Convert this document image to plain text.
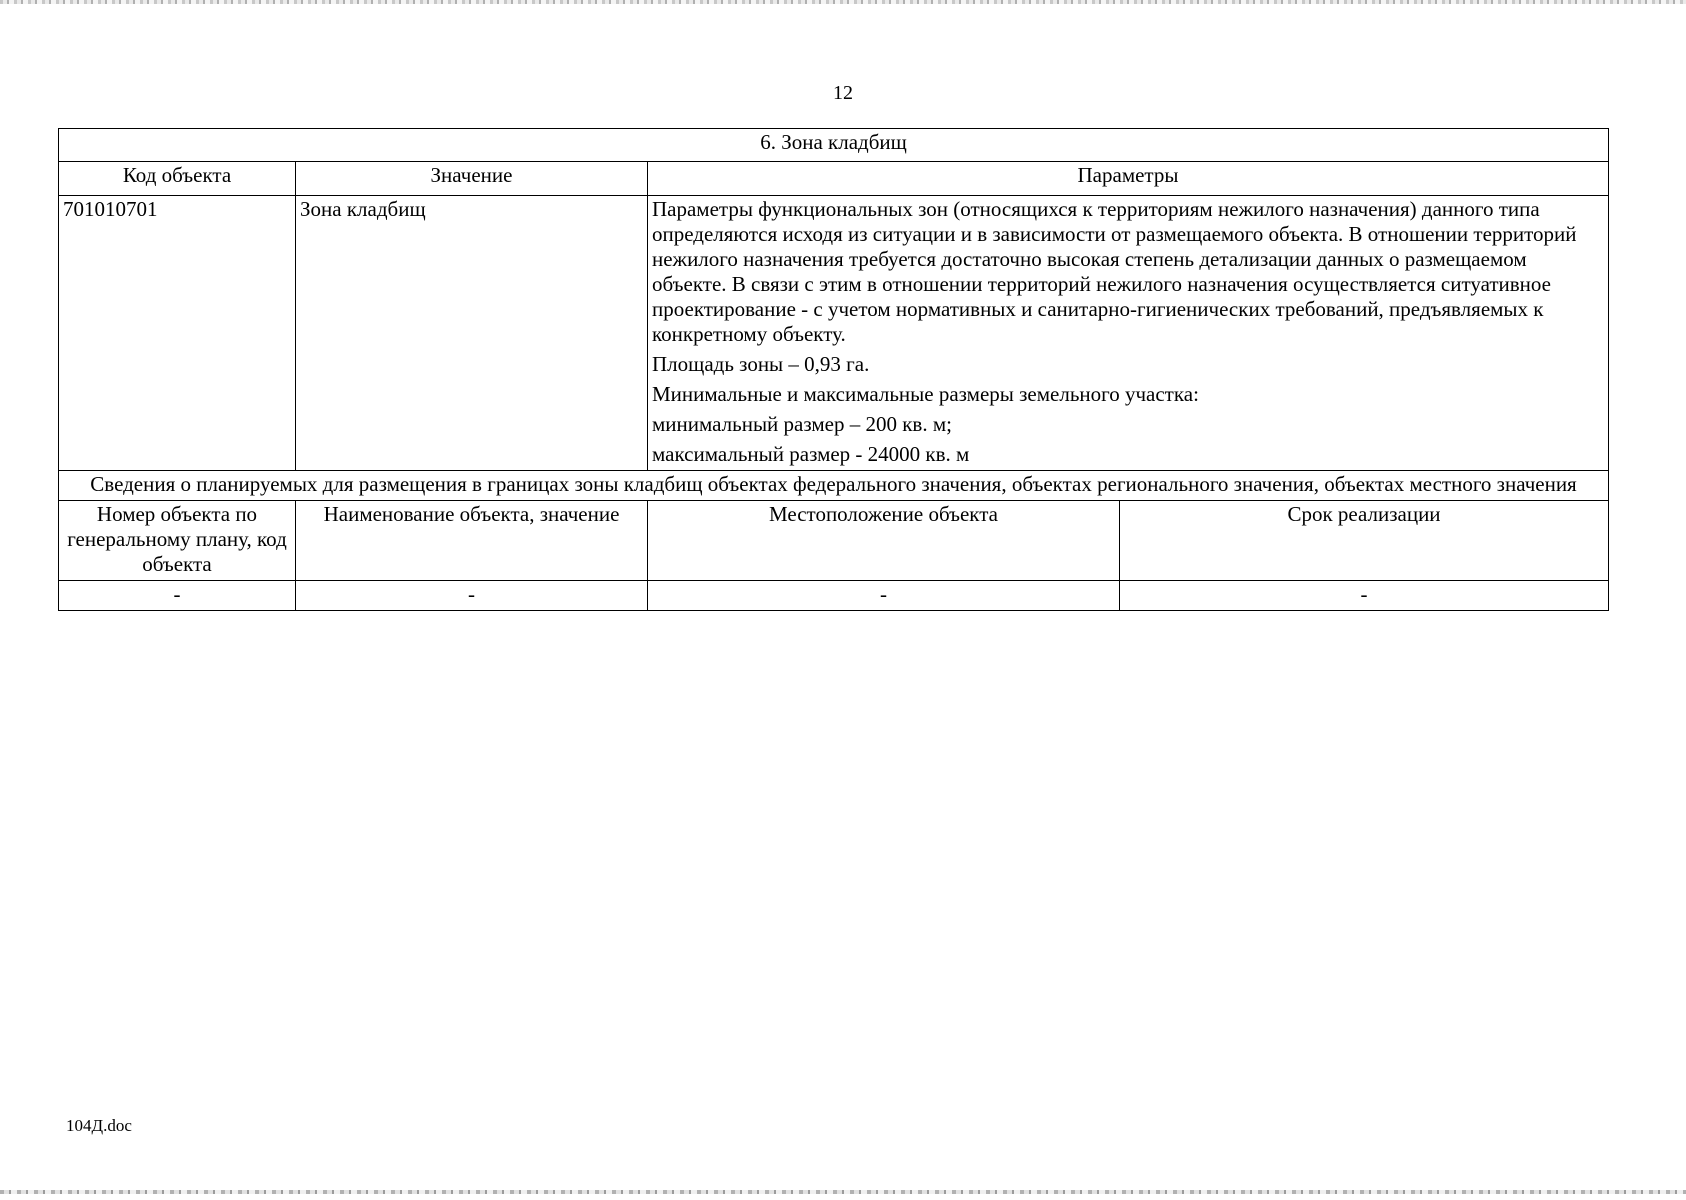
12
6. Зона кладбищ			
Код объекта	Значение	Параметры	
701010701	Зона кладбищ	Параметры функциональных зон (относящихся к территориям нежилого назначения) данного типа определяются исходя из ситуации и в зависимости от размещаемого объекта. В отношении территорий нежилого назначения требуется достаточно высокая степень детализации данных о размещаемом объекте. В связи с этим в отношении территорий нежилого назначения осуществляется ситуативное проектирование - с учетом нормативных и санитарно-гигиенических требований, предъявляемых к конкретному объекту.

Площадь зоны – 0,93 га.

Минимальные и максимальные размеры земельного участка:

минимальный размер – 200 кв. м;

максимальный размер - 24000 кв. м	

Сведения о планируемых для размещения в границах зоны кладбищ объектах федерального значения, объектах регионального значения, объектах местного значения			
Номер объекта по генеральному плану, код объекта	Наименование объекта, значение	Местоположение объекта	Срок реализации
-	-	-	-
104Д.doc
